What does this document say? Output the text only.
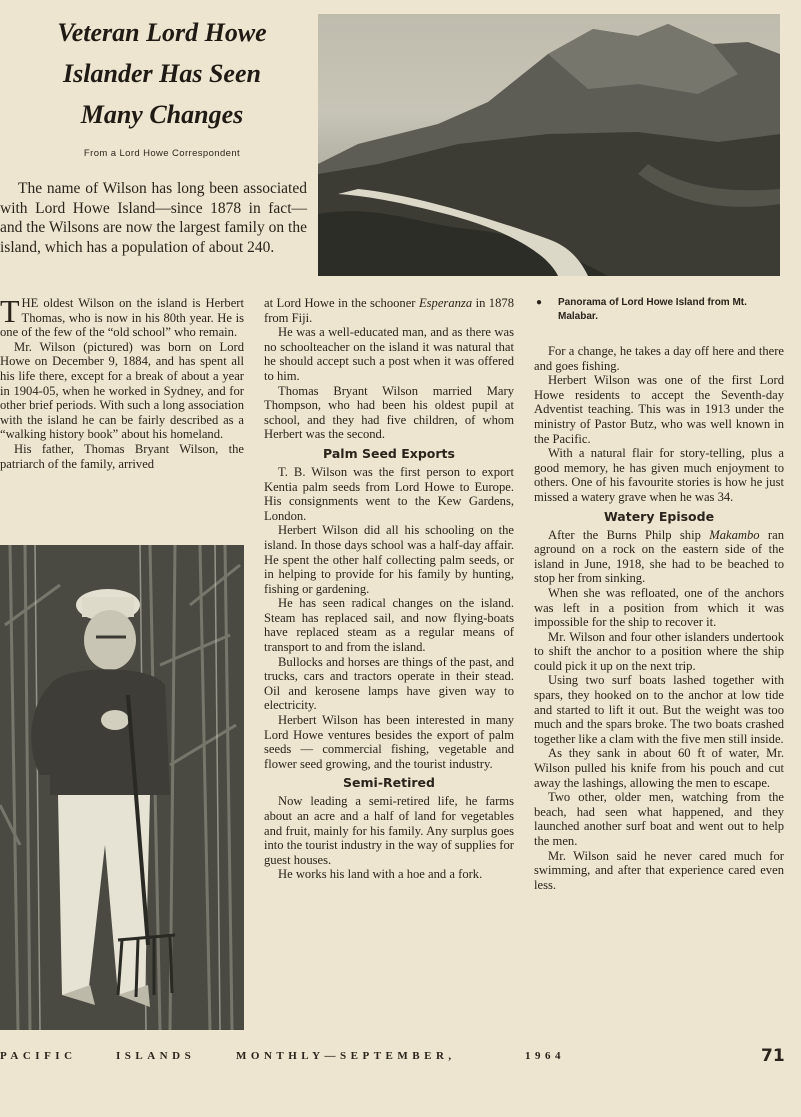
Veteran Lord Howe
Islander Has Seen
Many Changes
From a Lord Howe Correspondent

The name of Wilson has long been associated with Lord Howe Island—since 1878 in fact—and the Wilsons are now the largest family on the island, which has a population of about 240.

● Panorama of Lord Howe Island from Mt. Malabar.

THE oldest Wilson on the island is Herbert Thomas, who is now in his 80th year. He is one of the few of the “old school” who remain.

Mr. Wilson (pictured) was born on Lord Howe on December 9, 1884, and has spent all his life there, except for a break of about a year in 1904-05, when he worked in Sydney, and for other brief periods. With such a long association with the island he can be fairly described as a “walking history book” about his homeland.

His father, Thomas Bryant Wilson, the patriarch of the family, arrived

at Lord Howe in the schooner Esperanza in 1878 from Fiji.

He was a well-educated man, and as there was no schoolteacher on the island it was natural that he should accept such a post when it was offered to him.

Thomas Bryant Wilson married Mary Thompson, who had been his oldest pupil at school, and they had five children, of whom Herbert was the second.

Palm Seed Exports

T. B. Wilson was the first person to export Kentia palm seeds from Lord Howe to Europe. His consignments went to the Kew Gardens, London.

Herbert Wilson did all his schooling on the island. In those days school was a half-day affair. He spent the other half collecting palm seeds, or in helping to provide for his family by hunting, fishing or gardening.

He has seen radical changes on the island. Steam has replaced sail, and now flying-boats have replaced steam as a regular means of transport to and from the island.

Bullocks and horses are things of the past, and trucks, cars and tractors operate in their stead. Oil and kerosene lamps have given way to electricity.

Herbert Wilson has been interested in many Lord Howe ventures besides the export of palm seeds — commercial fishing, vegetable and flower seed growing, and the tourist industry.

Semi-Retired

Now leading a semi-retired life, he farms about an acre and a half of land for vegetables and fruit, mainly for his family. Any surplus goes into the tourist industry in the way of supplies for guest houses.

He works his land with a hoe and a fork.

For a change, he takes a day off here and there and goes fishing.

Herbert Wilson was one of the first Lord Howe residents to accept the Seventh-day Adventist teaching. This was in 1913 under the ministry of Pastor Butz, who was well known in the Pacific.

With a natural flair for story-telling, plus a good memory, he has given much enjoyment to others. One of his favourite stories is how he just missed a watery grave when he was 34.

Watery Episode

After the Burns Philp ship Makambo ran aground on a rock on the eastern side of the island in June, 1918, she had to be beached to stop her from sinking.

When she was refloated, one of the anchors was left in a position from which it was impossible for the ship to recover it.

Mr. Wilson and four other islanders undertook to shift the anchor to a position where the ship could pick it up on the next trip.

Using two surf boats lashed together with spars, they hooked on to the anchor at low tide and started to lift it out. But the weight was too much and the spars broke. The two boats crashed together like a clam with the five men still inside.

As they sank in about 60 ft of water, Mr. Wilson pulled his knife from his pouch and cut away the lashings, allowing the men to escape.

Two other, older men, watching from the beach, had seen what happened, and they launched another surf boat and went out to help the men.

Mr. Wilson said he never cared much for swimming, and after that experience cared even less.

PACIFIC	ISLANDS	MONTHLY—SEPTEMBER,	1964	71
